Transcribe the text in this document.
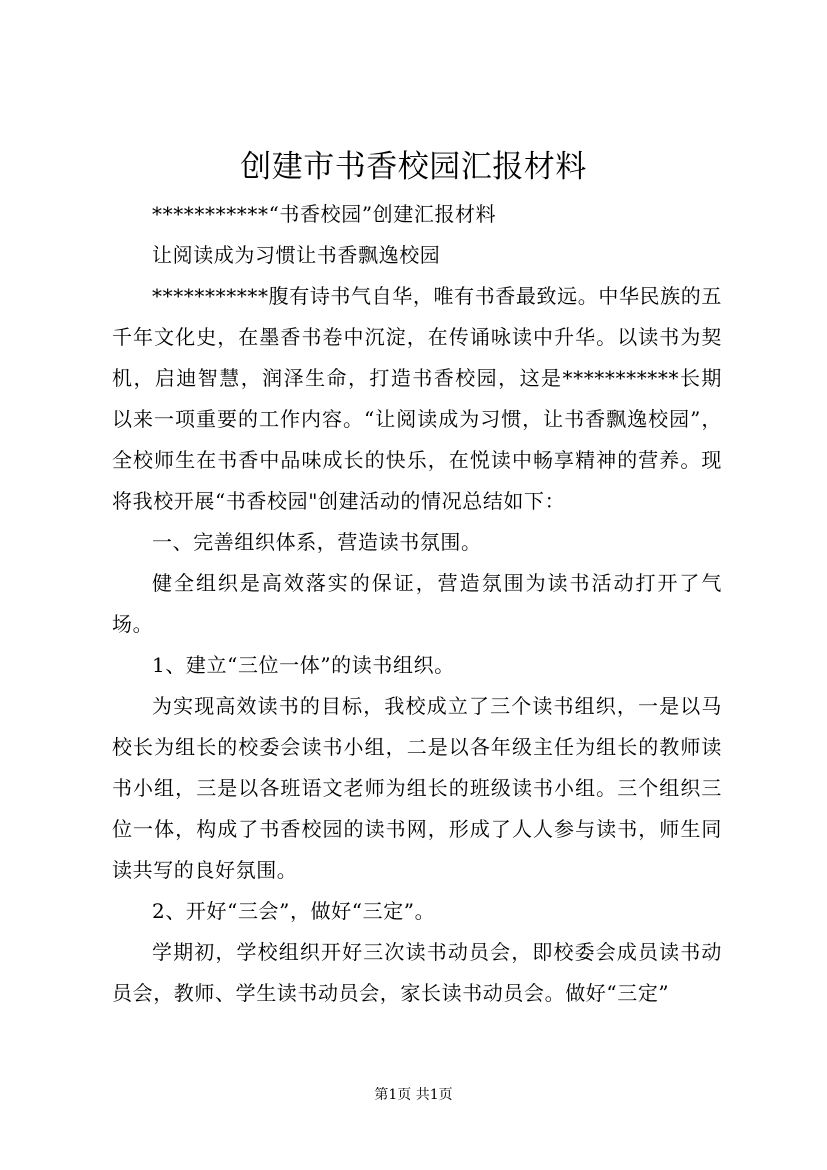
创建市书香校园汇报材料

***********“书香校园”创建汇报材料

让阅读成为习惯让书香飘逸校园

***********腹有诗书气自华，唯有书香最致远。中华民族的五千年文化史，在墨香书卷中沉淀，在传诵咏读中升华。以读书为契机，启迪智慧，润泽生命，打造书香校园，这是***********长期以来一项重要的工作内容。“让阅读成为习惯，让书香飘逸校园”，全校师生在书香中品味成长的快乐，在悦读中畅享精神的营养。现将我校开展“书香校园"创建活动的情况总结如下：

一、完善组织体系，营造读书氛围。

健全组织是高效落实的保证，营造氛围为读书活动打开了气场。

1、建立“三位一体”的读书组织。

为实现高效读书的目标，我校成立了三个读书组织，一是以马校长为组长的校委会读书小组，二是以各年级主任为组长的教师读书小组，三是以各班语文老师为组长的班级读书小组。三个组织三位一体，构成了书香校园的读书网，形成了人人参与读书，师生同读共写的良好氛围。

2、开好“三会”，做好“三定”。

学期初，学校组织开好三次读书动员会，即校委会成员读书动员会，教师、学生读书动员会，家长读书动员会。做好“三定”

第1页 共1页
